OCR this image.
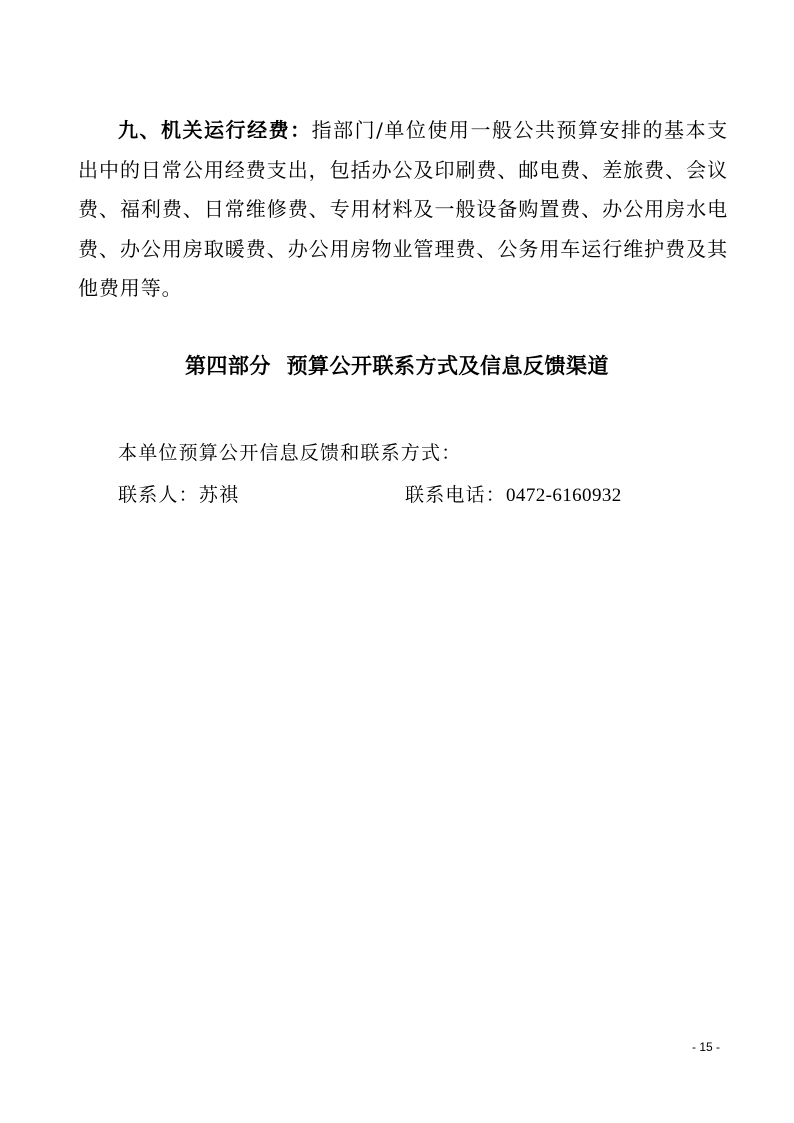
九、机关运行经费：指部门/单位使用一般公共预算安排的基本支出中的日常公用经费支出，包括办公及印刷费、邮电费、差旅费、会议费、福利费、日常维修费、专用材料及一般设备购置费、办公用房水电费、办公用房取暖费、办公用房物业管理费、公务用车运行维护费及其他费用等。

第四部分  预算公开联系方式及信息反馈渠道
本单位预算公开信息反馈和联系方式：
联系人：苏祺	联系电话：0472-6160932
- 15 -
